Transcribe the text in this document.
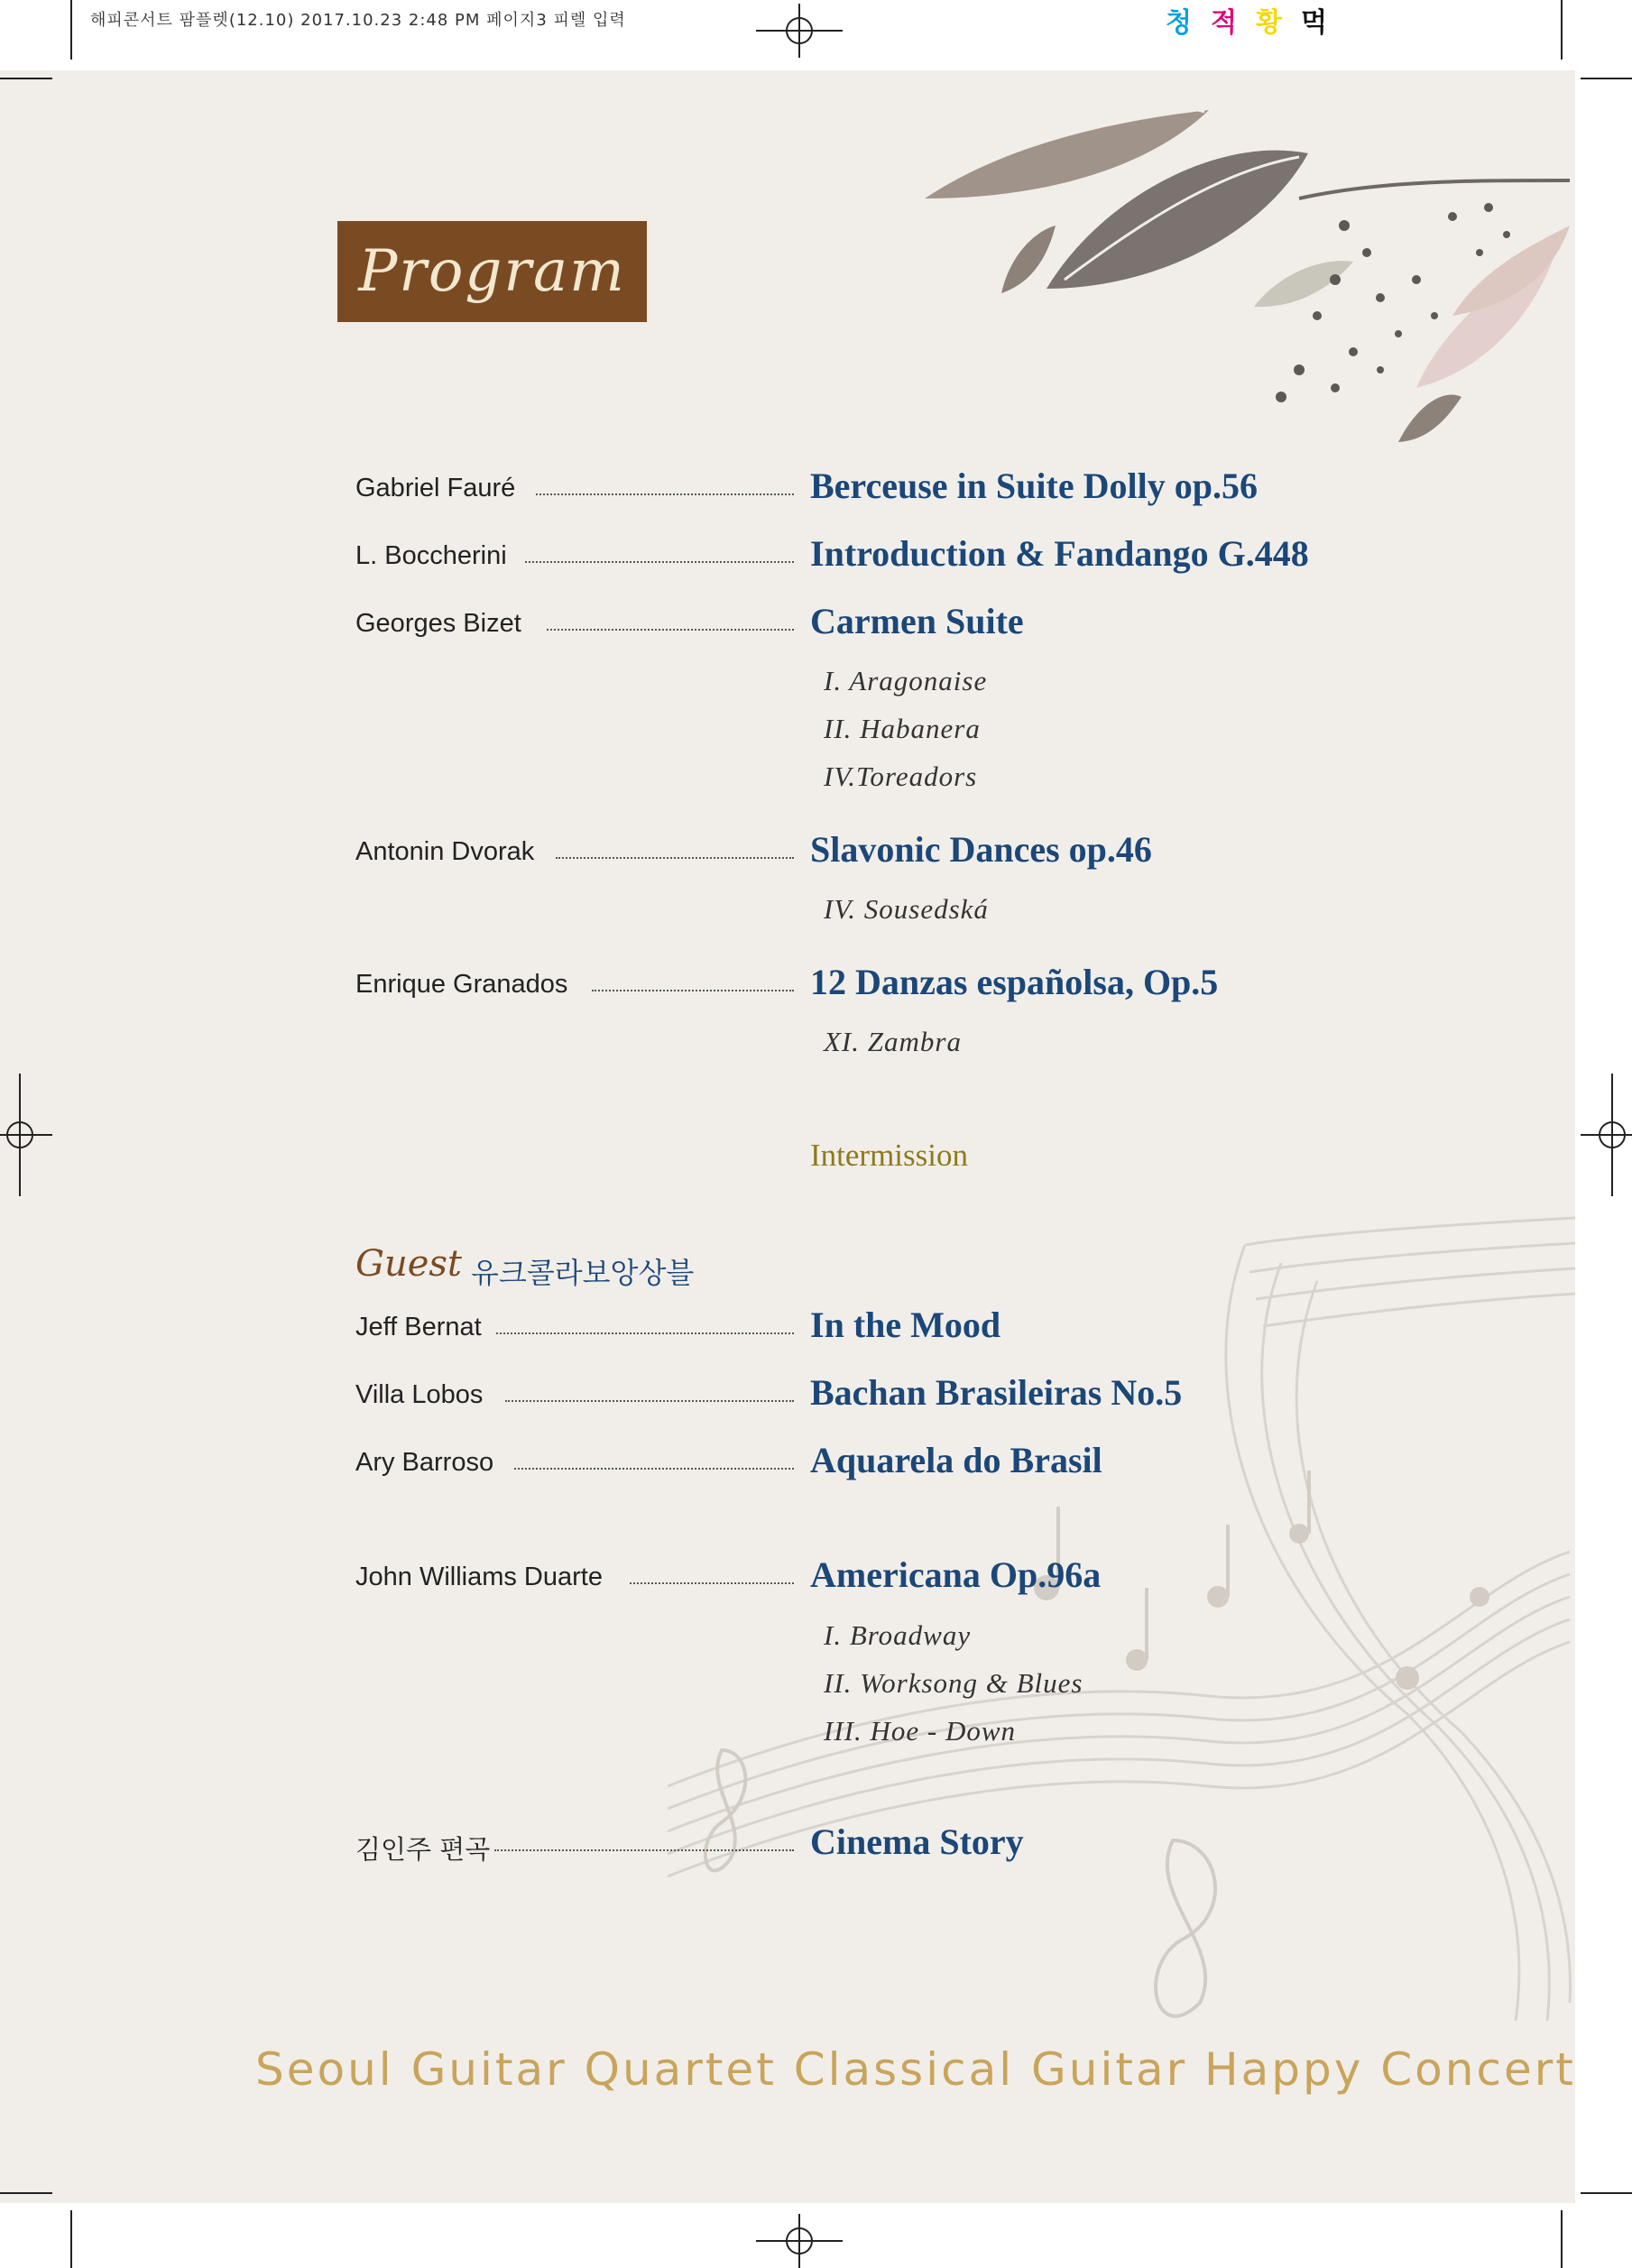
해피콘서트 팜플렛(12.10) 2017.10.23 2:48 PM 페이지3 피렐 입력	청 적 황 먹
Program
Gabriel Fauré	Berceuse in Suite Dolly op.56
L. Boccherini	Introduction & Fandango G.448
Georges Bizet	Carmen Suite
I. Aragonaise
II. Habanera
IV.Toreadors
Antonin Dvorak	Slavonic Dances op.46
IV. Sousedská
Enrique Granados	12 Danzas españolsa, Op.5
XI. Zambra
Intermission
Guest 유크콜라보앙상블
Jeff Bernat	In the Mood
Villa Lobos	Bachan Brasileiras No.5
Ary Barroso	Aquarela do Brasil
John Williams Duarte	Americana Op.96a
I. Broadway
II. Worksong & Blues
III. Hoe - Down
김인주 편곡	Cinema Story
Seoul Guitar Quartet Classical Guitar Happy Concert
